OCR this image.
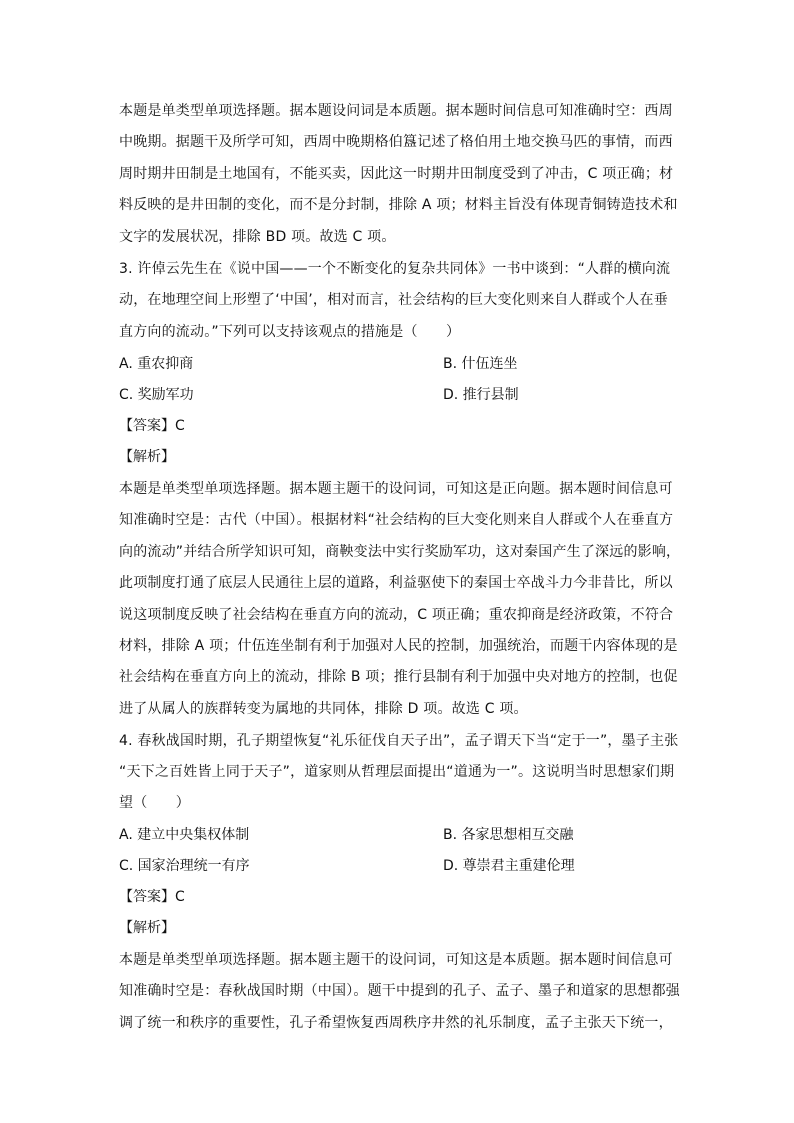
本题是单类型单项选择题。据本题设问词是本质题。据本题时间信息可知准确时空：西周
中晚期。据题干及所学可知，西周中晚期格伯簋记述了格伯用土地交换马匹的事情，而西
周时期井田制是土地国有，不能买卖，因此这一时期井田制度受到了冲击，C 项正确；材
料反映的是井田制的变化，而不是分封制，排除 A 项；材料主旨没有体现青铜铸造技术和
文字的发展状况，排除 BD 项。故选 C 项。
3. 许倬云先生在《说中国——一个不断变化的复杂共同体》一书中谈到：“人群的横向流
动，在地理空间上形塑了‘中国’，相对而言，社会结构的巨大变化则来自人群或个人在垂
直方向的流动。”下列可以支持该观点的措施是（　　）
A. 重农抑商	B. 什伍连坐
C. 奖励军功	D. 推行县制
【答案】C
【解析】
本题是单类型单项选择题。据本题主题干的设问词，可知这是正向题。据本题时间信息可
知准确时空是：古代（中国）。根据材料“社会结构的巨大变化则来自人群或个人在垂直方
向的流动”并结合所学知识可知，商鞅变法中实行奖励军功，这对秦国产生了深远的影响，
此项制度打通了底层人民通往上层的道路，利益驱使下的秦国士卒战斗力今非昔比，所以
说这项制度反映了社会结构在垂直方向的流动，C 项正确；重农抑商是经济政策，不符合
材料，排除 A 项；什伍连坐制有利于加强对人民的控制，加强统治，而题干内容体现的是
社会结构在垂直方向上的流动，排除 B 项；推行县制有利于加强中央对地方的控制，也促
进了从属人的族群转变为属地的共同体，排除 D 项。故选 C 项。
4. 春秋战国时期，孔子期望恢复“礼乐征伐自天子出”，孟子谓天下当“定于一”，墨子主张
“天下之百姓皆上同于天子”，道家则从哲理层面提出“道通为一”。这说明当时思想家们期
望（　　）
A. 建立中央集权体制	B. 各家思想相互交融
C. 国家治理统一有序	D. 尊崇君主重建伦理
【答案】C
【解析】
本题是单类型单项选择题。据本题主题干的设问词，可知这是本质题。据本题时间信息可
知准确时空是：春秋战国时期（中国）。题干中提到的孔子、孟子、墨子和道家的思想都强
调了统一和秩序的重要性，孔子希望恢复西周秩序井然的礼乐制度，孟子主张天下统一，
